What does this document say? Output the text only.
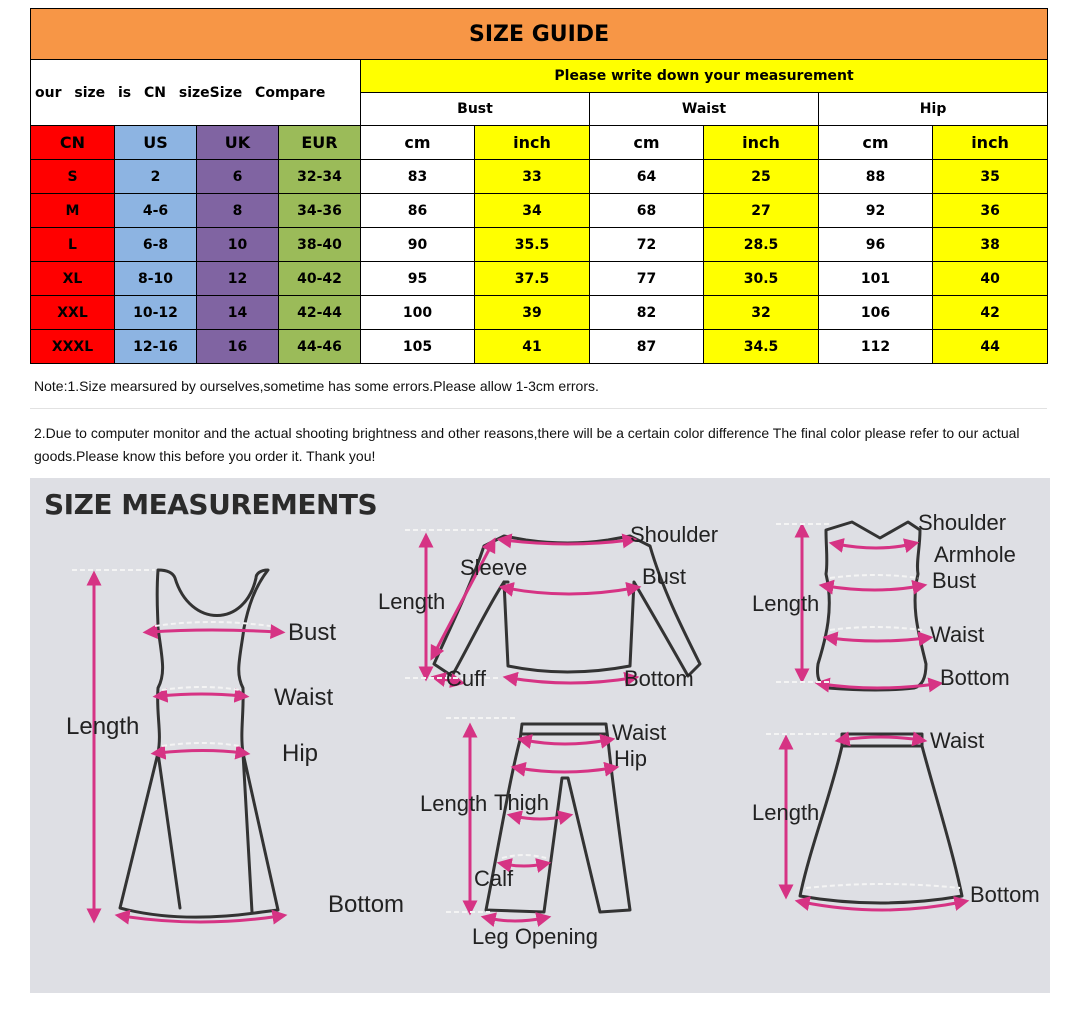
SIZE GUIDE									
our size is CN sizeSize Compare				Please write down your measurement					
				Bust		Waist		Hip	
CN	US	UK	EUR	cm	inch	cm	inch	cm	inch
S	2	6	32-34	83	33	64	25	88	35
M	4-6	8	34-36	86	34	68	27	92	36
L	6-8	10	38-40	90	35.5	72	28.5	96	38
XL	8-10	12	40-42	95	37.5	77	30.5	101	40
XXL	10-12	14	42-44	100	39	82	32	106	42
XXXL	12-16	16	44-46	105	41	87	34.5	112	44
Note:1.Size mearsured by ourselves,sometime has some errors.Please allow 1-3cm errors.
2.Due to computer monitor and the actual shooting brightness and other reasons,there will be a certain color difference The final color please refer to our actual goods.Please know this before you order it. Thank you!
SIZE MEASUREMENTS
Bust
Waist
Hip
Length
Bottom
Shoulder
Sleeve	Bust
Length
Cuff	Bottom
Shoulder
Armhole
Bust
Length
Waist
Bottom
Waist
Hip
Length Thigh
Calf
Leg Opening
Waist
Length
Bottom
